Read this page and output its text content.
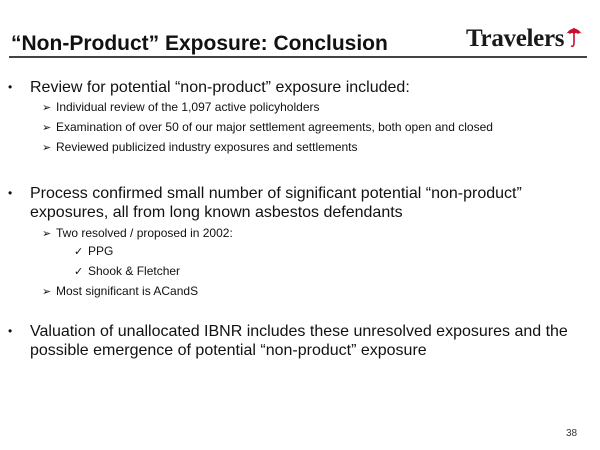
“Non-Product” Exposure: Conclusion	Travelers
•	Review for potential “non-product” exposure included:
➢ Individual review of the 1,097 active policyholders
➢ Examination of over 50 of our major settlement agreements, both open and closed
➢ Reviewed publicized industry exposures and settlements
•	Process confirmed small number of significant potential “non-product” exposures, all from long known asbestos defendants
➢ Two resolved / proposed in 2002:
✓ PPG
✓ Shook & Fletcher
➢ Most significant is ACandS
•	Valuation of unallocated IBNR includes these unresolved exposures and the possible emergence of potential “non-product” exposure
38
